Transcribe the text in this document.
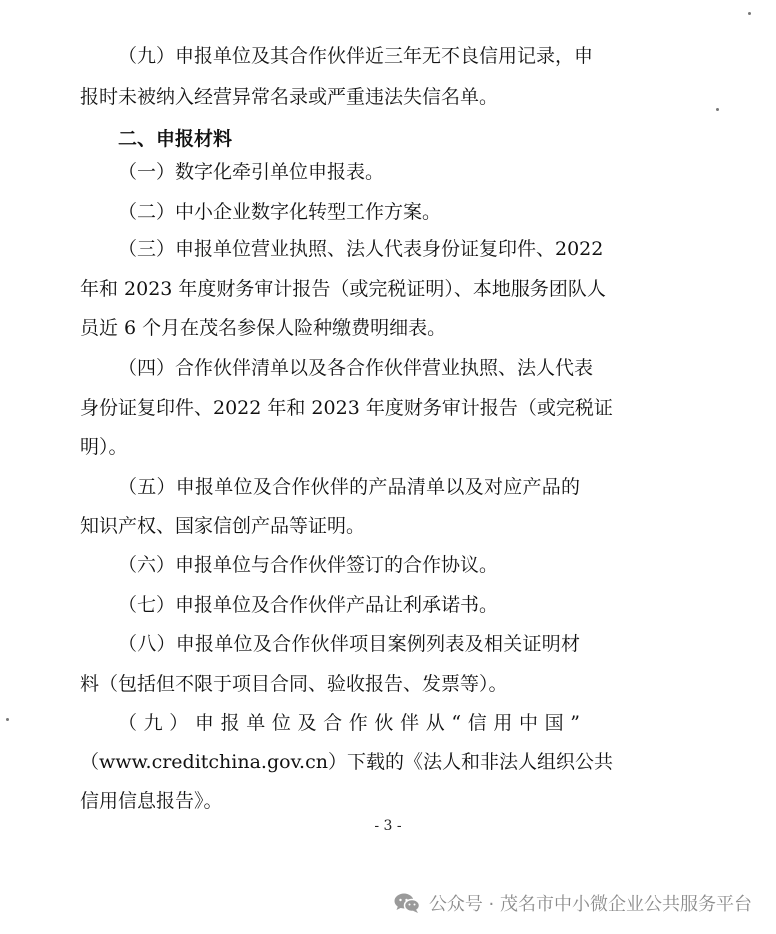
（九）申报单位及其合作伙伴近三年无不良信用记录，申
报时未被纳入经营异常名录或严重违法失信名单。
二、申报材料
（一）数字化牵引单位申报表。
（二）中小企业数字化转型工作方案。
（三）申报单位营业执照、法人代表身份证复印件、2022
年和 2023 年度财务审计报告（或完税证明）、本地服务团队人
员近 6 个月在茂名参保人险种缴费明细表。
（四）合作伙伴清单以及各合作伙伴营业执照、法人代表
身份证复印件、2022 年和 2023 年度财务审计报告（或完税证
明）。
（五）申报单位及合作伙伴的产品清单以及对应产品的
知识产权、国家信创产品等证明。
（六）申报单位与合作伙伴签订的合作协议。
（七）申报单位及合作伙伴产品让利承诺书。
（八）申报单位及合作伙伴项目案例列表及相关证明材
料（包括但不限于项目合同、验收报告、发票等）。
（九）申报单位及合作伙伴从“信用中国”
（www.creditchina.gov.cn）下载的《法人和非法人组织公共
信用信息报告》。
- 3 -
公众号 · 茂名市中小微企业公共服务平台
